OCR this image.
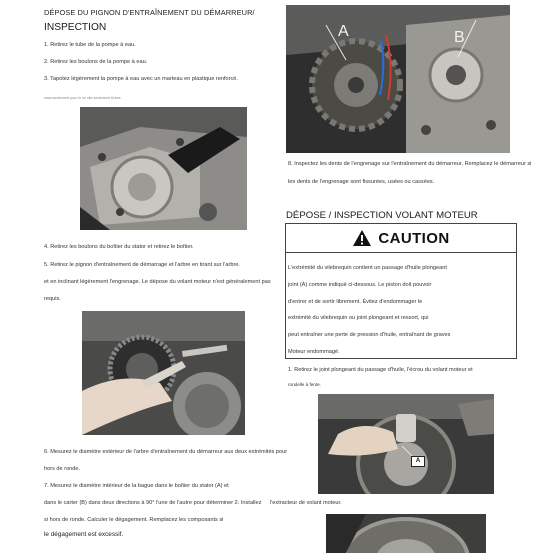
DÉPOSE DU PIGNON D'ENTRAÎNEMENT DU DÉMARREUR/
INSPECTION
1. Retirez le tube de la pompe à eau.
2. Retirez les boulons de la pompe à eau.
3. Tapotez légèrement la pompe à eau avec un marteau en plastique renforcé.
www.seulement pour le ce site seulement fiches
4. Retirez les boulons du boîtier du stator et retirez le boîtier.
5. Retirez le pignon d'entraînement de démarrage et l'arbre en tirant sur l'arbre.
et en inclinant légèrement l'engrenage. Le dépose du volant moteur n'est généralement pas
requis.
6. Mesurez le diamètre extérieur de l'arbre d'entraînement du démarreur aux deux extrémités pour
hors de ronde.
7. Mesurez le diamètre intérieur de la bague dans le boîtier du stator (A) et
dans le carter (B) dans deux directions à 90° l'une de l'autre pour déterminer 2. Installez
si hors de ronde. Calculer le dégagement. Remplacez les composants si
le dégagement est excessif.
A	B
8. Inspectez les dents de l'engrenage sur l'entraînement du démarreur. Remplacez le démarreur si
les dents de l'engrenage sont fissurées, usées ou cassées.
DÉPOSE / INSPECTION VOLANT MOTEUR
CAUTION
L'extrémité du vilebrequin contient un passage d'huile plongeant
joint (A) comme indiqué ci-dessous. Le piston doit pouvoir
d'entrer et de sortir librement. Évitez d'endommager le
extrémité du vilebrequin ou joint plongeant et ressort, qui
peut entraîner une perte de pression d'huile, entraînant de graves
Moteur endommagé.
1. Retirez le joint plongeant du passage d'huile, l'écrou du volant moteur et
rondelle à fente.
A
l'extracteur de volant moteur.
